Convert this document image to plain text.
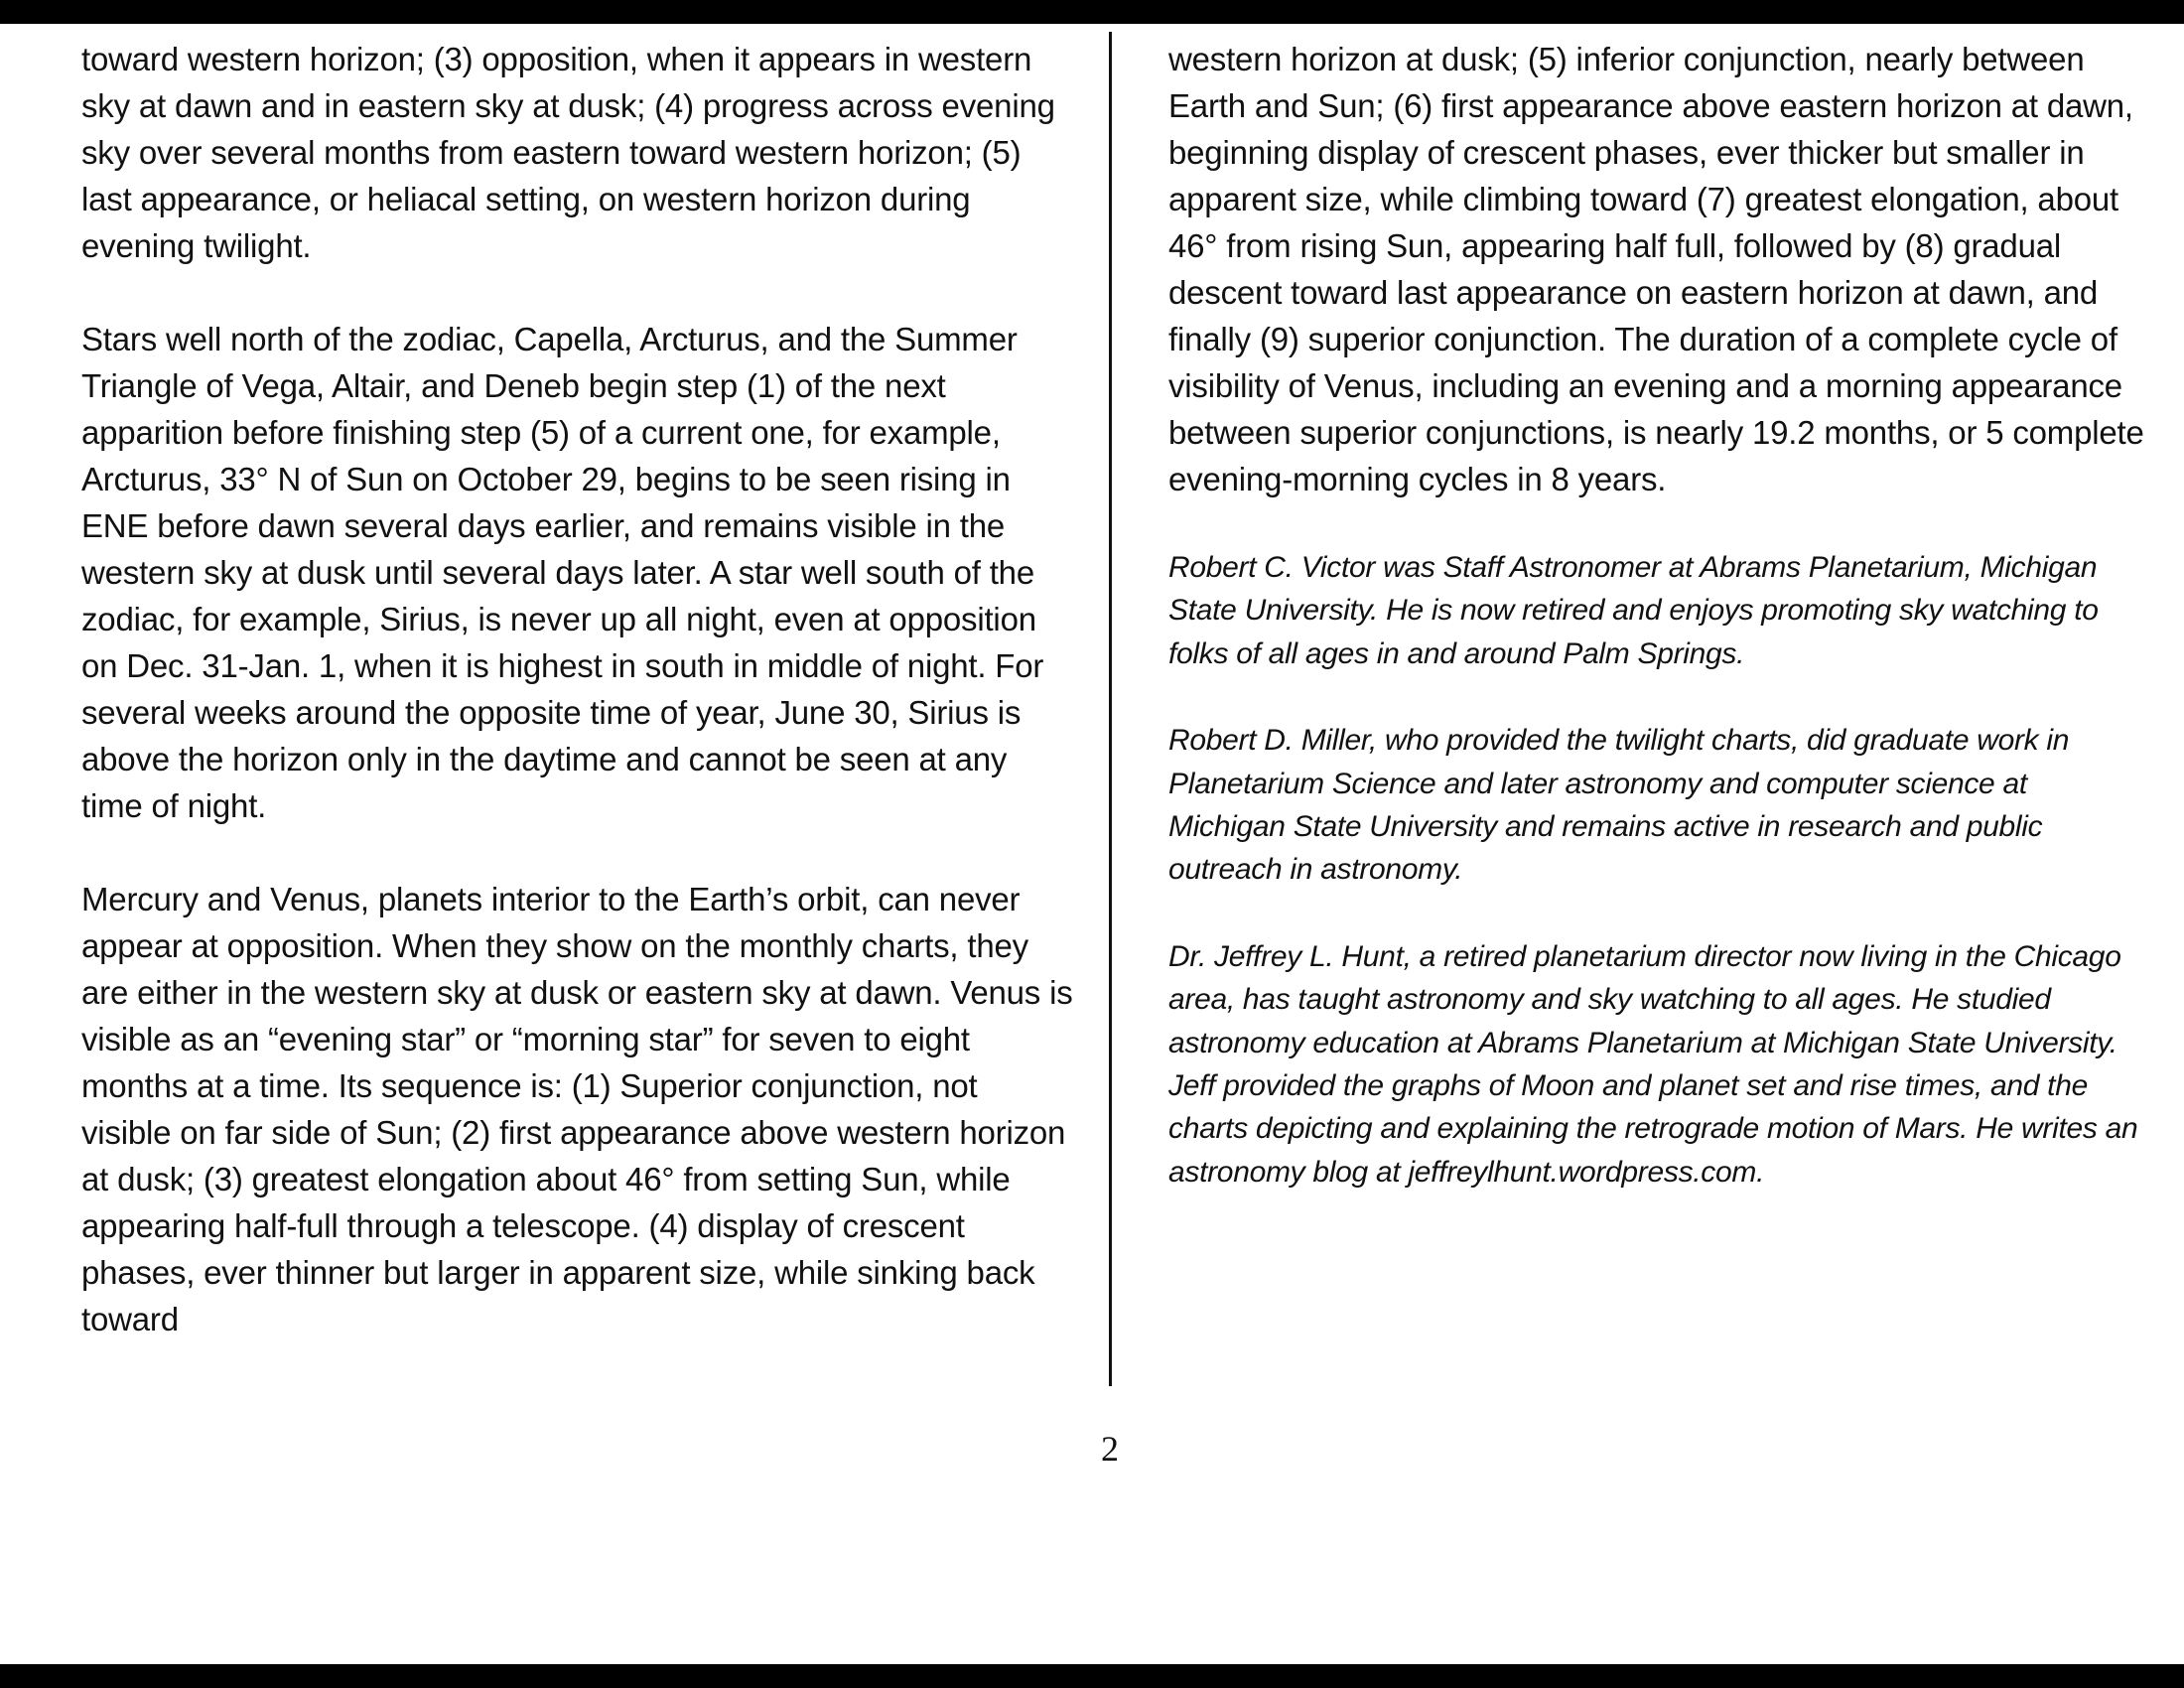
toward western horizon; (3) opposition, when it appears in western sky at dawn and in eastern sky at dusk; (4) progress across evening sky over several months from eastern toward western horizon; (5) last appearance, or heliacal setting, on western horizon during evening twilight.

Stars well north of the zodiac, Capella, Arcturus, and the Summer Triangle of Vega, Altair, and Deneb begin step (1) of the next apparition before finishing step (5) of a current one, for example, Arcturus, 33° N of Sun on October 29, begins to be seen rising in ENE before dawn several days earlier, and remains visible in the western sky at dusk until several days later. A star well south of the zodiac, for example, Sirius, is never up all night, even at opposition on Dec. 31-Jan. 1, when it is highest in south in middle of night. For several weeks around the opposite time of year, June 30, Sirius is above the horizon only in the daytime and cannot be seen at any time of night.

Mercury and Venus, planets interior to the Earth’s orbit, can never appear at opposition. When they show on the monthly charts, they are either in the western sky at dusk or eastern sky at dawn. Venus is visible as an “evening star” or “morning star” for seven to eight months at a time. Its sequence is: (1) Superior conjunction, not visible on far side of Sun; (2) first appearance above western horizon at dusk; (3) greatest elongation about 46° from setting Sun, while appearing half-full through a telescope. (4) display of crescent phases, ever thinner but larger in apparent size, while sinking back toward

western horizon at dusk; (5) inferior conjunction, nearly between Earth and Sun; (6) first appearance above eastern horizon at dawn, beginning display of crescent phases, ever thicker but smaller in apparent size, while climbing toward (7) greatest elongation, about 46° from rising Sun, appearing half full, followed by (8) gradual descent toward last appearance on eastern horizon at dawn, and finally (9) superior conjunction. The duration of a complete cycle of visibility of Venus, including an evening and a morning appearance between superior conjunctions, is nearly 19.2 months, or 5 complete evening-morning cycles in 8 years.

Robert C. Victor was Staff Astronomer at Abrams Planetarium, Michigan State University. He is now retired and enjoys promoting sky watching to folks of all ages in and around Palm Springs.

Robert D. Miller, who provided the twilight charts, did graduate work in Planetarium Science and later astronomy and computer science at Michigan State University and remains active in research and public outreach in astronomy.

Dr. Jeffrey L. Hunt, a retired planetarium director now living in the Chicago area, has taught astronomy and sky watching to all ages. He studied astronomy education at Abrams Planetarium at Michigan State University. Jeff provided the graphs of Moon and planet set and rise times, and the charts depicting and explaining the retrograde motion of Mars. He writes an astronomy blog at jeffreylhunt.wordpress.com.

2
